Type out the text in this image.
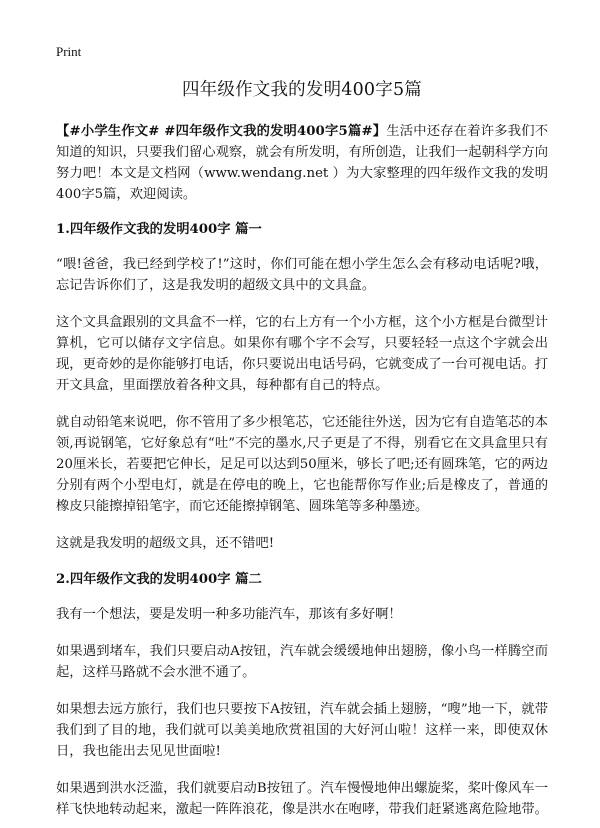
Print
四年级作文我的发明400字5篇

【#小学生作文# #四年级作文我的发明400字5篇#】生活中还存在着许多我们不知道的知识，只要我们留心观察，就会有所发明，有所创造，让我们一起朝科学方向努力吧！本文是文档网（www.wendang.net ）为大家整理的四年级作文我的发明400字5篇，欢迎阅读。

1.四年级作文我的发明400字 篇一

“喂!爸爸，我已经到学校了!”这时，你们可能在想小学生怎么会有移动电话呢?哦，忘记告诉你们了，这是我发明的超级文具中的文具盒。

这个文具盒跟别的文具盒不一样，它的右上方有一个小方框，这个小方框是台微型计算机，它可以储存文字信息。如果你有哪个字不会写，只要轻轻一点这个字就会出现，更奇妙的是你能够打电话，你只要说出电话号码，它就变成了一台可视电话。打开文具盒，里面摆放着各种文具，每种都有自己的特点。

就自动铅笔来说吧，你不管用了多少根笔芯，它还能往外送，因为它有自造笔芯的本领,再说钢笔，它好象总有“吐”不完的墨水,尺子更是了不得，别看它在文具盒里只有20厘米长，若要把它伸长，足足可以达到50厘米，够长了吧;还有圆珠笔，它的两边分别有两个小型电灯，就是在停电的晚上，它也能帮你写作业;后是橡皮了，普通的橡皮只能擦掉铅笔字，而它还能擦掉钢笔、圆珠笔等多种墨迹。

这就是我发明的超级文具，还不错吧!

2.四年级作文我的发明400字 篇二

我有一个想法，要是发明一种多功能汽车，那该有多好啊！

如果遇到堵车，我们只要启动A按钮，汽车就会缓缓地伸出翅膀，像小鸟一样腾空而起，这样马路就不会水泄不通了。

如果想去远方旅行，我们也只要按下A按钮，汽车就会插上翅膀，“嗖”地一下，就带我们到了目的地，我们就可以美美地欣赏祖国的大好河山啦！这样一来，即使双休日，我也能出去见见世面啦!

如果遇到洪水泛滥，我们就要启动B按钮了。汽车慢慢地伸出螺旋桨，桨叶像风车一样飞快地转动起来，激起一阵阵浪花，像是洪水在咆哮，带我们赶紧逃离危险地带。
